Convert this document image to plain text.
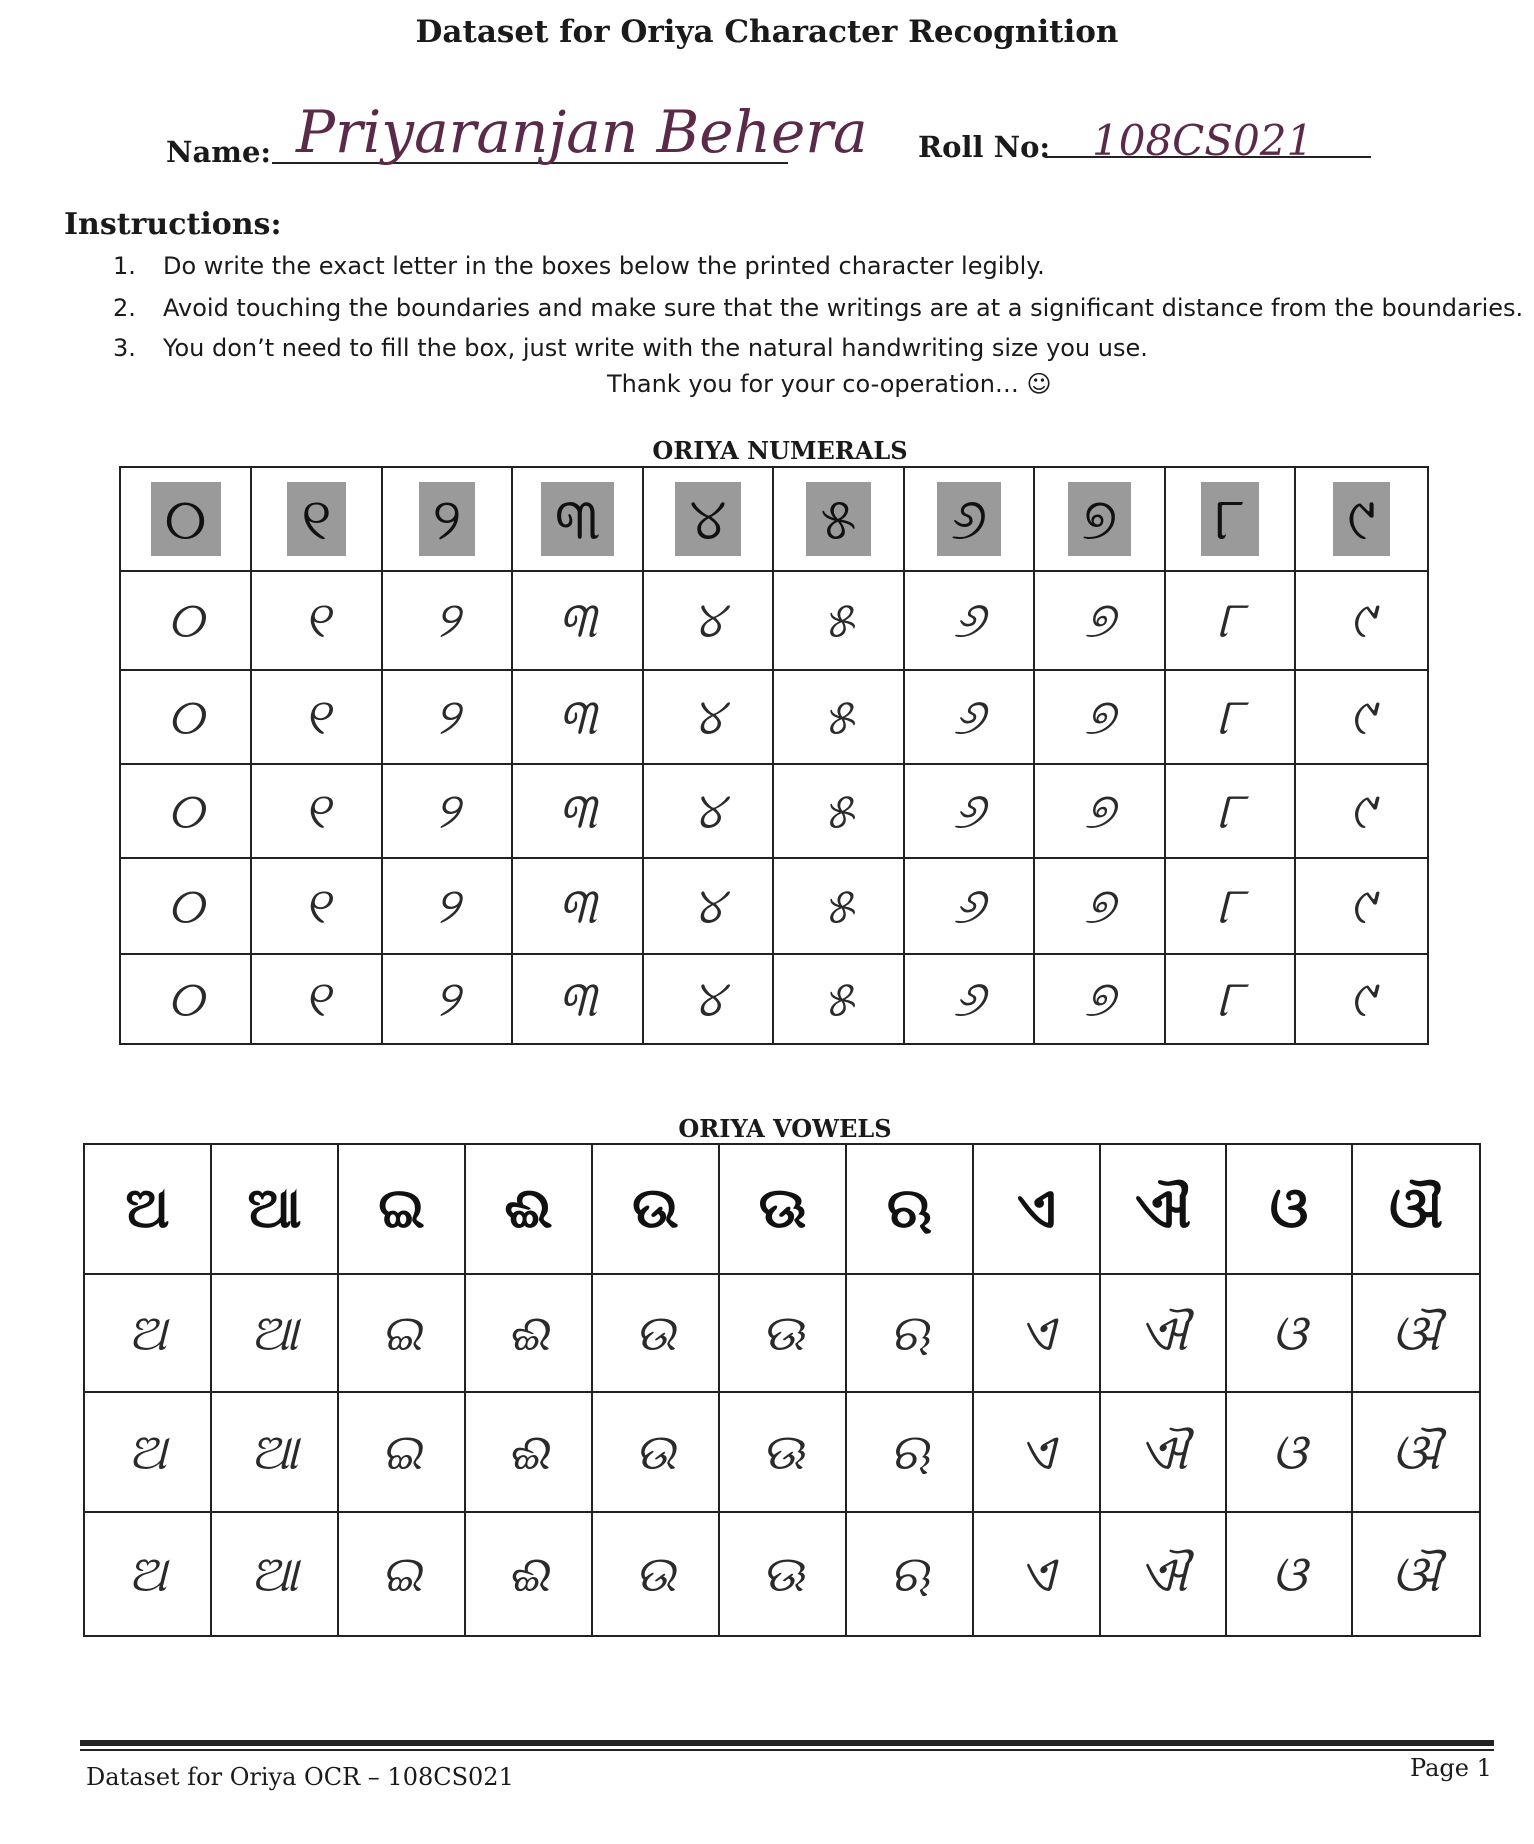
Dataset for Oriya Character Recognition
Name: Priyaranjan Behera Roll No: 108CS021
Instructions:
1. Do write the exact letter in the boxes below the printed character legibly.
2. Avoid touching the boundaries and make sure that the writings are at a significant distance from the boundaries.
3. You don’t need to fill the box, just write with the natural handwriting size you use.
Thank you for your co-operation… ☺
ORIYA NUMERALS
୦	୧	୨	୩	୪	୫	୬	୭	୮	୯
୦	୧	୨	୩	୪	୫	୬	୭	୮	୯
୦	୧	୨	୩	୪	୫	୬	୭	୮	୯
୦	୧	୨	୩	୪	୫	୬	୭	୮	୯
୦	୧	୨	୩	୪	୫	୬	୭	୮	୯
୦	୧	୨	୩	୪	୫	୬	୭	୮	୯
ORIYA VOWELS
ଅ	ଆ	ଇ	ଈ	ଉ	ଊ	ଋ	ଏ	ଐ	ଓ	ଔ
ଅ	ଆ	ଇ	ଈ	ଉ	ଊ	ଋ	ଏ	ଐ	ଓ	ଔ
ଅ	ଆ	ଇ	ଈ	ଉ	ଊ	ଋ	ଏ	ଐ	ଓ	ଔ
ଅ	ଆ	ଇ	ଈ	ଉ	ଊ	ଋ	ଏ	ଐ	ଓ	ଔ
Dataset for Oriya OCR – 108CS021	Page 1
